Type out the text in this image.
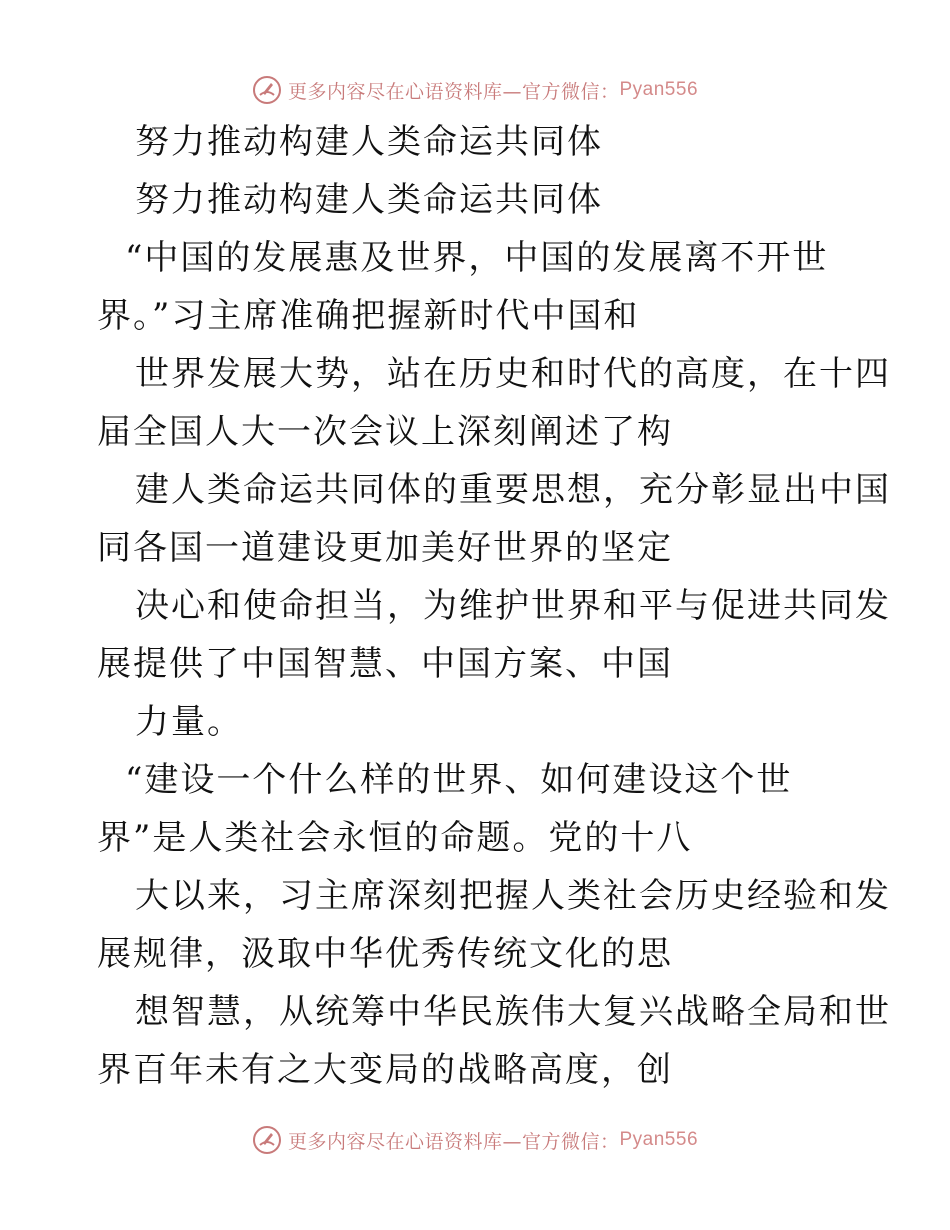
更多内容尽在心语资料库—官方微信： Pyan556
努力推动构建人类命运共同体
努力推动构建人类命运共同体
“中国的发展惠及世界，中国的发展离不开世
界。”习主席准确把握新时代中国和
世界发展大势，站在历史和时代的高度，在十四
届全国人大一次会议上深刻阐述了构
建人类命运共同体的重要思想，充分彰显出中国
同各国一道建设更加美好世界的坚定
决心和使命担当，为维护世界和平与促进共同发
展提供了中国智慧、中国方案、中国
力量。
“建设一个什么样的世界、如何建设这个世
界”是人类社会永恒的命题。党的十八
大以来，习主席深刻把握人类社会历史经验和发
展规律，汲取中华优秀传统文化的思
想智慧，从统筹中华民族伟大复兴战略全局和世
界百年未有之大变局的战略高度，创
更多内容尽在心语资料库—官方微信： Pyan556
